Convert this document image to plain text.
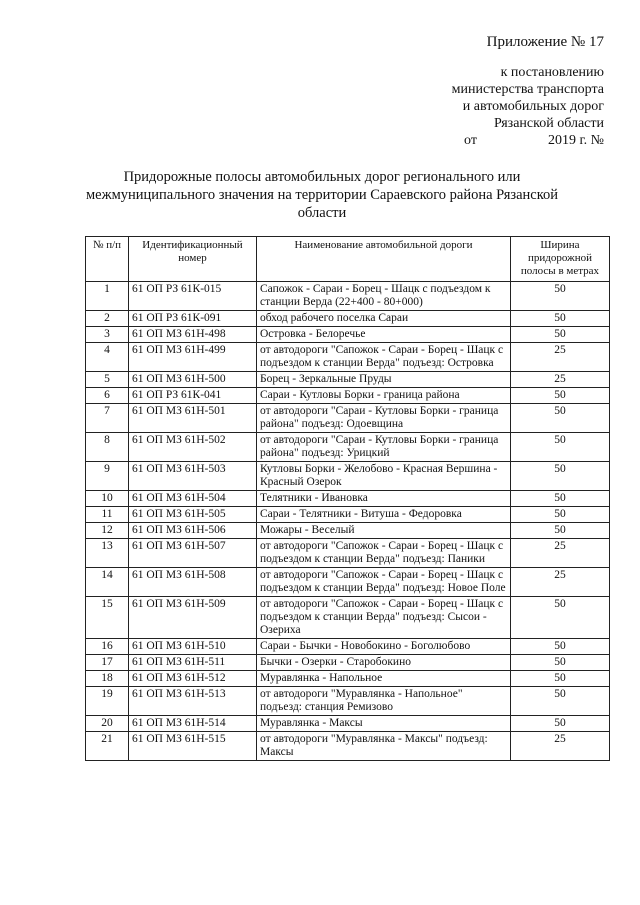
Приложение № 17
к постановлению
министерства транспорта
и автомобильных дорог
Рязанской области
от	2019 г. №
Придорожные полосы автомобильных дорог регионального или межмуниципального значения на территории Сараевского района Рязанской области
№ п/п	Идентификационный номер	Наименование автомобильной дороги	Ширина придорожной полосы в метрах
1	61 ОП РЗ 61К-015	Сапожок - Сараи - Борец - Шацк с подъездом к станции Верда (22+400 - 80+000)	50
2	61 ОП РЗ 61К-091	обход рабочего поселка Сараи	50
3	61 ОП МЗ 61Н-498	Островка - Белоречье	50
4	61 ОП МЗ 61Н-499	от автодороги "Сапожок - Сараи - Борец - Шацк с подъездом к станции Верда" подъезд: Островка	25
5	61 ОП МЗ 61Н-500	Борец - Зеркальные Пруды	25
6	61 ОП РЗ 61К-041	Сараи - Кутловы Борки - граница района	50
7	61 ОП МЗ 61Н-501	от автодороги "Сараи - Кутловы Борки - граница района" подъезд: Одоевщина	50
8	61 ОП МЗ 61Н-502	от автодороги "Сараи - Кутловы Борки - граница района" подъезд: Урицкий	50
9	61 ОП МЗ 61Н-503	Кутловы Борки - Желобово - Красная Вершина - Красный Озерок	50
10	61 ОП МЗ 61Н-504	Телятники - Ивановка	50
11	61 ОП МЗ 61Н-505	Сараи - Телятники - Витуша - Федоровка	50
12	61 ОП МЗ 61Н-506	Можары - Веселый	50
13	61 ОП МЗ 61Н-507	от автодороги "Сапожок - Сараи - Борец - Шацк с подъездом к станции Верда" подъезд: Паники	25
14	61 ОП МЗ 61Н-508	от автодороги "Сапожок - Сараи - Борец - Шацк с подъездом к станции Верда" подъезд: Новое Поле	25
15	61 ОП МЗ 61Н-509	от автодороги "Сапожок - Сараи - Борец - Шацк с подъездом к станции Верда" подъезд: Сысои - Озериха	50
16	61 ОП МЗ 61Н-510	Сараи - Бычки - Новобокино - Боголюбово	50
17	61 ОП МЗ 61Н-511	Бычки - Озерки - Старобокино	50
18	61 ОП МЗ 61Н-512	Муравлянка - Напольное	50
19	61 ОП МЗ 61Н-513	от автодороги "Муравлянка - Напольное" подъезд: станция Ремизово	50
20	61 ОП МЗ 61Н-514	Муравлянка - Максы	50
21	61 ОП МЗ 61Н-515	от автодороги "Муравлянка - Максы" подъезд: Максы	25
